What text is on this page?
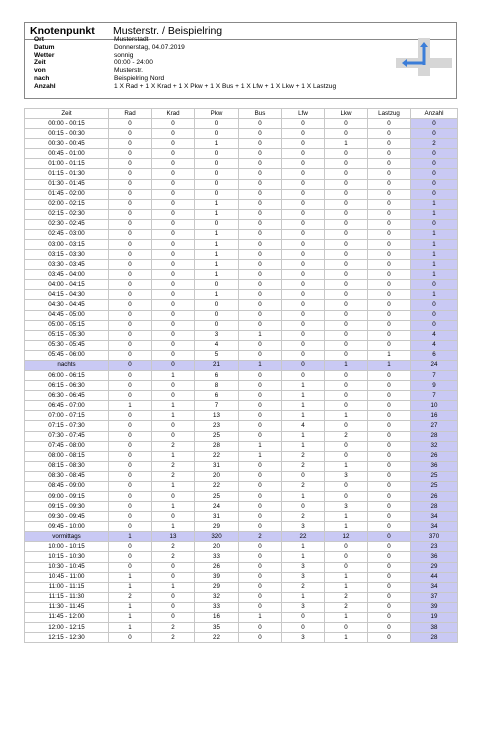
Knotenpunkt Musterstr. / Beispielring
Ort	Musterstadt
Datum	Donnerstag, 04.07.2019
Wetter	sonnig
Zeit	00:00 - 24:00
von	Musterstr.
nach	Beispielring Nord
Anzahl	1 X Rad + 1 X Krad + 1 X Pkw + 1 X Bus + 1 X Lfw + 1 X Lkw + 1 X Lastzug
Zeit	Rad	Krad	Pkw	Bus	Lfw	Lkw	Lastzug	Anzahl
00:00 - 00:15	0	0	0	0	0	0	0	0
00:15 - 00:30	0	0	0	0	0	0	0	0
00:30 - 00:45	0	0	1	0	0	1	0	2
00:45 - 01:00	0	0	0	0	0	0	0	0
01:00 - 01:15	0	0	0	0	0	0	0	0
01:15 - 01:30	0	0	0	0	0	0	0	0
01:30 - 01:45	0	0	0	0	0	0	0	0
01:45 - 02:00	0	0	0	0	0	0	0	0
02:00 - 02:15	0	0	1	0	0	0	0	1
02:15 - 02:30	0	0	1	0	0	0	0	1
02:30 - 02:45	0	0	0	0	0	0	0	0
02:45 - 03:00	0	0	1	0	0	0	0	1
03:00 - 03:15	0	0	1	0	0	0	0	1
03:15 - 03:30	0	0	1	0	0	0	0	1
03:30 - 03:45	0	0	1	0	0	0	0	1
03:45 - 04:00	0	0	1	0	0	0	0	1
04:00 - 04:15	0	0	0	0	0	0	0	0
04:15 - 04:30	0	0	1	0	0	0	0	1
04:30 - 04:45	0	0	0	0	0	0	0	0
04:45 - 05:00	0	0	0	0	0	0	0	0
05:00 - 05:15	0	0	0	0	0	0	0	0
05:15 - 05:30	0	0	3	1	0	0	0	4
05:30 - 05:45	0	0	4	0	0	0	0	4
05:45 - 06:00	0	0	5	0	0	0	1	6
nachts	0	0	21	1	0	1	1	24
06:00 - 06:15	0	1	6	0	0	0	0	7
06:15 - 06:30	0	0	8	0	1	0	0	9
06:30 - 06:45	0	0	6	0	1	0	0	7
06:45 - 07:00	1	1	7	0	1	0	0	10
07:00 - 07:15	0	1	13	0	1	1	0	16
07:15 - 07:30	0	0	23	0	4	0	0	27
07:30 - 07:45	0	0	25	0	1	2	0	28
07:45 - 08:00	0	2	28	1	1	0	0	32
08:00 - 08:15	0	1	22	1	2	0	0	26
08:15 - 08:30	0	2	31	0	2	1	0	36
08:30 - 08:45	0	2	20	0	0	3	0	25
08:45 - 09:00	0	1	22	0	2	0	0	25
09:00 - 09:15	0	0	25	0	1	0	0	26
09:15 - 09:30	0	1	24	0	0	3	0	28
09:30 - 09:45	0	0	31	0	2	1	0	34
09:45 - 10:00	0	1	29	0	3	1	0	34
vormittags	1	13	320	2	22	12	0	370
10:00 - 10:15	0	2	20	0	1	0	0	23
10:15 - 10:30	0	2	33	0	1	0	0	36
10:30 - 10:45	0	0	26	0	3	0	0	29
10:45 - 11:00	1	0	39	0	3	1	0	44
11:00 - 11:15	1	1	29	0	2	1	0	34
11:15 - 11:30	2	0	32	0	1	2	0	37
11:30 - 11:45	1	0	33	0	3	2	0	39
11:45 - 12:00	1	0	16	1	0	1	0	19
12:00 - 12:15	1	2	35	0	0	0	0	38
12:15 - 12:30	0	2	22	0	3	1	0	28
